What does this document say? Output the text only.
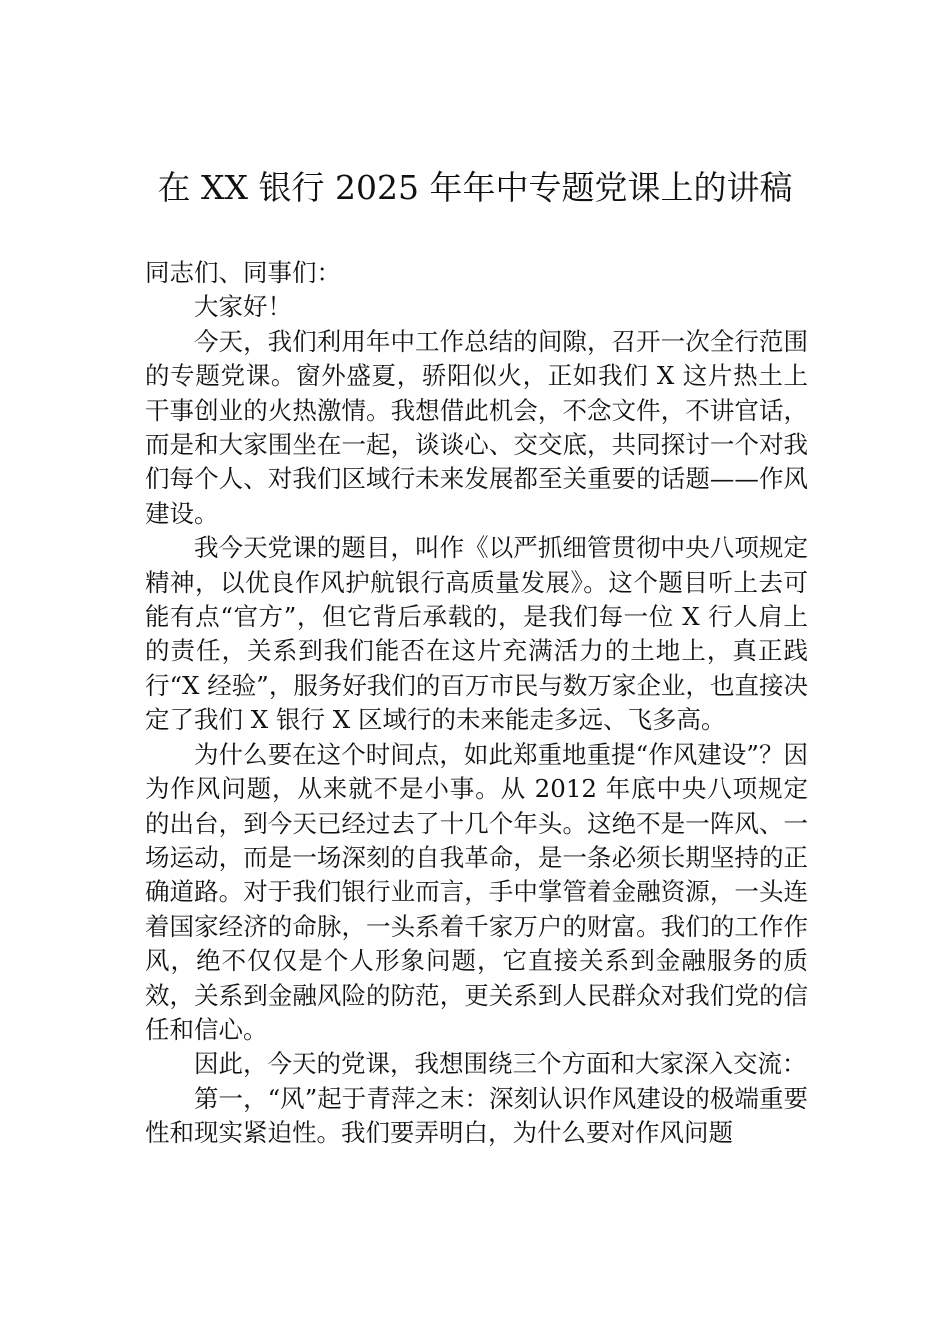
在 XX 银行 2025 年年中专题党课上的讲稿

同志们、同事们：

大家好！

今天，我们利用年中工作总结的间隙，召开一次全行范围的专题党课。窗外盛夏，骄阳似火，正如我们 X 这片热土上干事创业的火热激情。我想借此机会，不念文件，不讲官话，而是和大家围坐在一起，谈谈心、交交底，共同探讨一个对我们每个人、对我们区域行未来发展都至关重要的话题——作风建设。

我今天党课的题目，叫作《以严抓细管贯彻中央八项规定精神，以优良作风护航银行高质量发展》。这个题目听上去可能有点“官方”，但它背后承载的，是我们每一位 X 行人肩上的责任，关系到我们能否在这片充满活力的土地上，真正践行“X 经验”，服务好我们的百万市民与数万家企业，也直接决定了我们 X 银行 X 区域行的未来能走多远、飞多高。

为什么要在这个时间点，如此郑重地重提“作风建设”？因为作风问题，从来就不是小事。从 2012 年底中央八项规定的出台，到今天已经过去了十几个年头。这绝不是一阵风、一场运动，而是一场深刻的自我革命，是一条必须长期坚持的正确道路。对于我们银行业而言，手中掌管着金融资源，一头连着国家经济的命脉，一头系着千家万户的财富。我们的工作作风，绝不仅仅是个人形象问题，它直接关系到金融服务的质效，关系到金融风险的防范，更关系到人民群众对我们党的信任和信心。

因此，今天的党课，我想围绕三个方面和大家深入交流：

第一，“风”起于青萍之末：深刻认识作风建设的极端重要性和现实紧迫性。我们要弄明白，为什么要对作风问题
